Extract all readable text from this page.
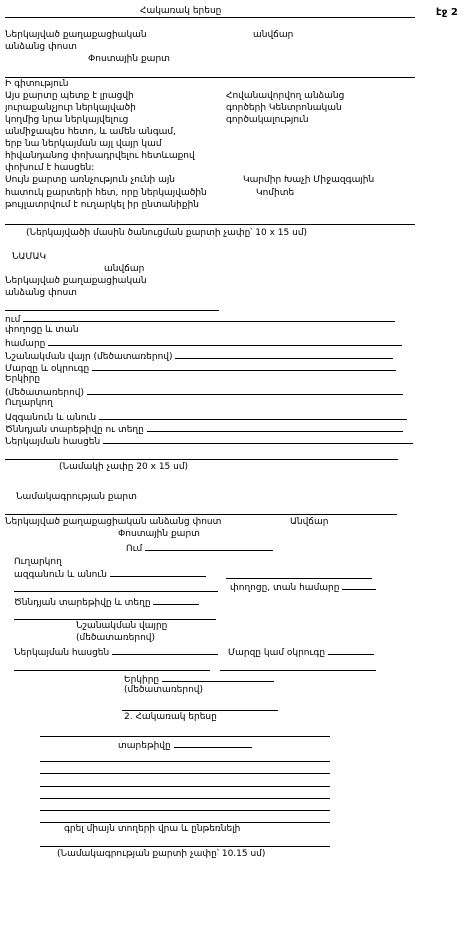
էջ 2
Հակառակ երեսը
Ներկայված քաղաքացիական	անվճար
անձանց փոստ
Փոստային քարտ
Ի գիտություն
Այս քարտը պետք է լրացվի
յուրաքանչյուր ներկայվածի
կողմից նրա ներկայվելուց
անմիջապես հետո, և ամեն անգամ,
երբ նա ներկայման այլ վայր կամ
հիվանդանոց փոխադրվելու հետևաքով
փոխում է հասցեն:
Սույն քարտը առնչություն չունի այն
հատուկ քարտերի հետ, որը ներկայվածին
թույլատրվում է ուղարկել իր ընտանիքին
Հովանավորվող անձանց
գործերի Կենտրոնական
գործակալություն
Կարմիր Խաչի Միջազգային
Կոմիտե
(Ներկայվածի մասին ծանուցման քարտի չափը՝ 10 x 15 սմ)
ՆԱՄԱԿ
անվճար
Ներկայված քաղաքացիական
անձանց փոստ
ում
փողոցը և տան
համարը
Նշանակման վայր (մեծատառերով)
Մարզը և օկրուգը
Երկիրը
(մեծատառերով)
Ուղարկող
Ազգանուն և անուն
Ծննդյան տարեթիվը ու տեղը
Ներկայման հասցեն
(Նամակի չափը 20 x 15 սմ)
Նամակագրության քարտ
Ներկայված քաղաքացիական անձանց փոստ	Անվճար
Փոստային քարտ
Ում
Ուղարկող
ազգանուն և անուն
փողոցը, տան համարը
Ծննդյան տարեթիվը և տեղը
Նշանակման վայրը
(մեծատառերով)
Ներկայման հասցեն	Մարզը կամ օկրուգը
Երկիրը
(մեծատառերով)
2. Հակառակ երեսը
տարեթիվը
գրել միայն տողերի վրա և ընթեռնելի
(Նամակագրության քարտի չափը՝ 10.15 սմ)
